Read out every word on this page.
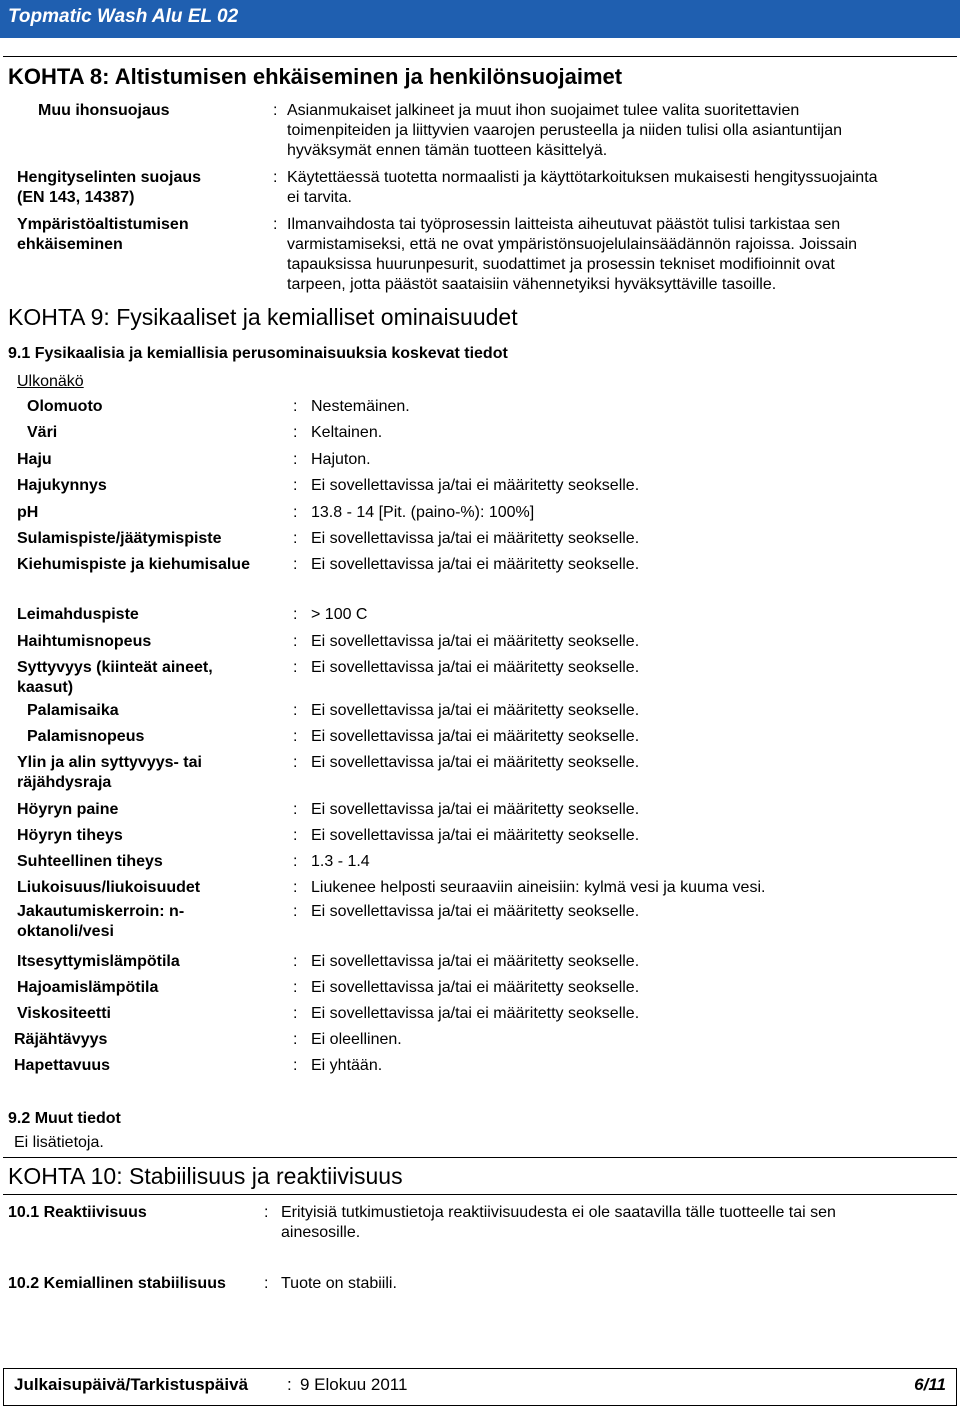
Topmatic Wash Alu EL 02
KOHTA 8: Altistumisen ehkäiseminen ja henkilönsuojaimet
Muu ihonsuojaus	: Asianmukaiset jalkineet ja muut ihon suojaimet tulee valita suoritettavien
toimenpiteiden ja liittyvien vaarojen perusteella ja niiden tulisi olla asiantuntijan
hyväksymät ennen tämän tuotteen käsittelyä.
Hengityselinten suojaus
(EN 143, 14387)
: Käytettäessä tuotetta normaalisti ja käyttötarkoituksen mukaisesti hengityssuojainta
ei tarvita.
Ympäristöaltistumisen
ehkäiseminen
: Ilmanvaihdosta tai työprosessin laitteista aiheutuvat päästöt tulisi tarkistaa sen
varmistamiseksi, että ne ovat ympäristönsuojelulainsäädännön rajoissa. Joissain
tapauksissa huurunpesurit, suodattimet ja prosessin tekniset modifioinnit ovat
tarpeen, jotta päästöt saataisiin vähennetyiksi hyväksyttäville tasoille.
KOHTA 9: Fysikaaliset ja kemialliset ominaisuudet
9.1 Fysikaalisia ja kemiallisia perusominaisuuksia koskevat tiedot
Ulkonäkö
Olomuoto	: Nestemäinen.
Väri	: Keltainen.
Haju	: Hajuton.
Hajukynnys	: Ei sovellettavissa ja/tai ei määritetty seokselle.
pH	: 13.8 - 14 [Pit. (paino-%): 100%]
Sulamispiste/jäätymispiste	: Ei sovellettavissa ja/tai ei määritetty seokselle.
Kiehumispiste ja kiehumisalue	: Ei sovellettavissa ja/tai ei määritetty seokselle.
Leimahduspiste	: > 100 C
Haihtumisnopeus	: Ei sovellettavissa ja/tai ei määritetty seokselle.
Syttyvyys (kiinteät aineet,
kaasut)
: Ei sovellettavissa ja/tai ei määritetty seokselle.
Palamisaika	: Ei sovellettavissa ja/tai ei määritetty seokselle.
Palamisnopeus	: Ei sovellettavissa ja/tai ei määritetty seokselle.
Ylin ja alin syttyvyys- tai
räjähdysraja
: Ei sovellettavissa ja/tai ei määritetty seokselle.
Höyryn paine	: Ei sovellettavissa ja/tai ei määritetty seokselle.
Höyryn tiheys	: Ei sovellettavissa ja/tai ei määritetty seokselle.
Suhteellinen tiheys	: 1.3 - 1.4
Liukoisuus/liukoisuudet	: Liukenee helposti seuraaviin aineisiin: kylmä vesi ja kuuma vesi.
Jakautumiskerroin: n-
oktanoli/vesi
: Ei sovellettavissa ja/tai ei määritetty seokselle.
Itsesyttymislämpötila	: Ei sovellettavissa ja/tai ei määritetty seokselle.
Hajoamislämpötila	: Ei sovellettavissa ja/tai ei määritetty seokselle.
Viskositeetti	: Ei sovellettavissa ja/tai ei määritetty seokselle.
Räjähtävyys	: Ei oleellinen.
Hapettavuus	: Ei yhtään.
9.2 Muut tiedot
Ei lisätietoja.
KOHTA 10: Stabiilisuus ja reaktiivisuus
10.1 Reaktiivisuus	: Erityisiä tutkimustietoja reaktiivisuudesta ei ole saatavilla tälle tuotteelle tai sen
ainesosille.
10.2 Kemiallinen stabiilisuus : Tuote on stabiili.
Julkaisupäivä/Tarkistuspäivä : 9 Elokuu 2011	6/11
